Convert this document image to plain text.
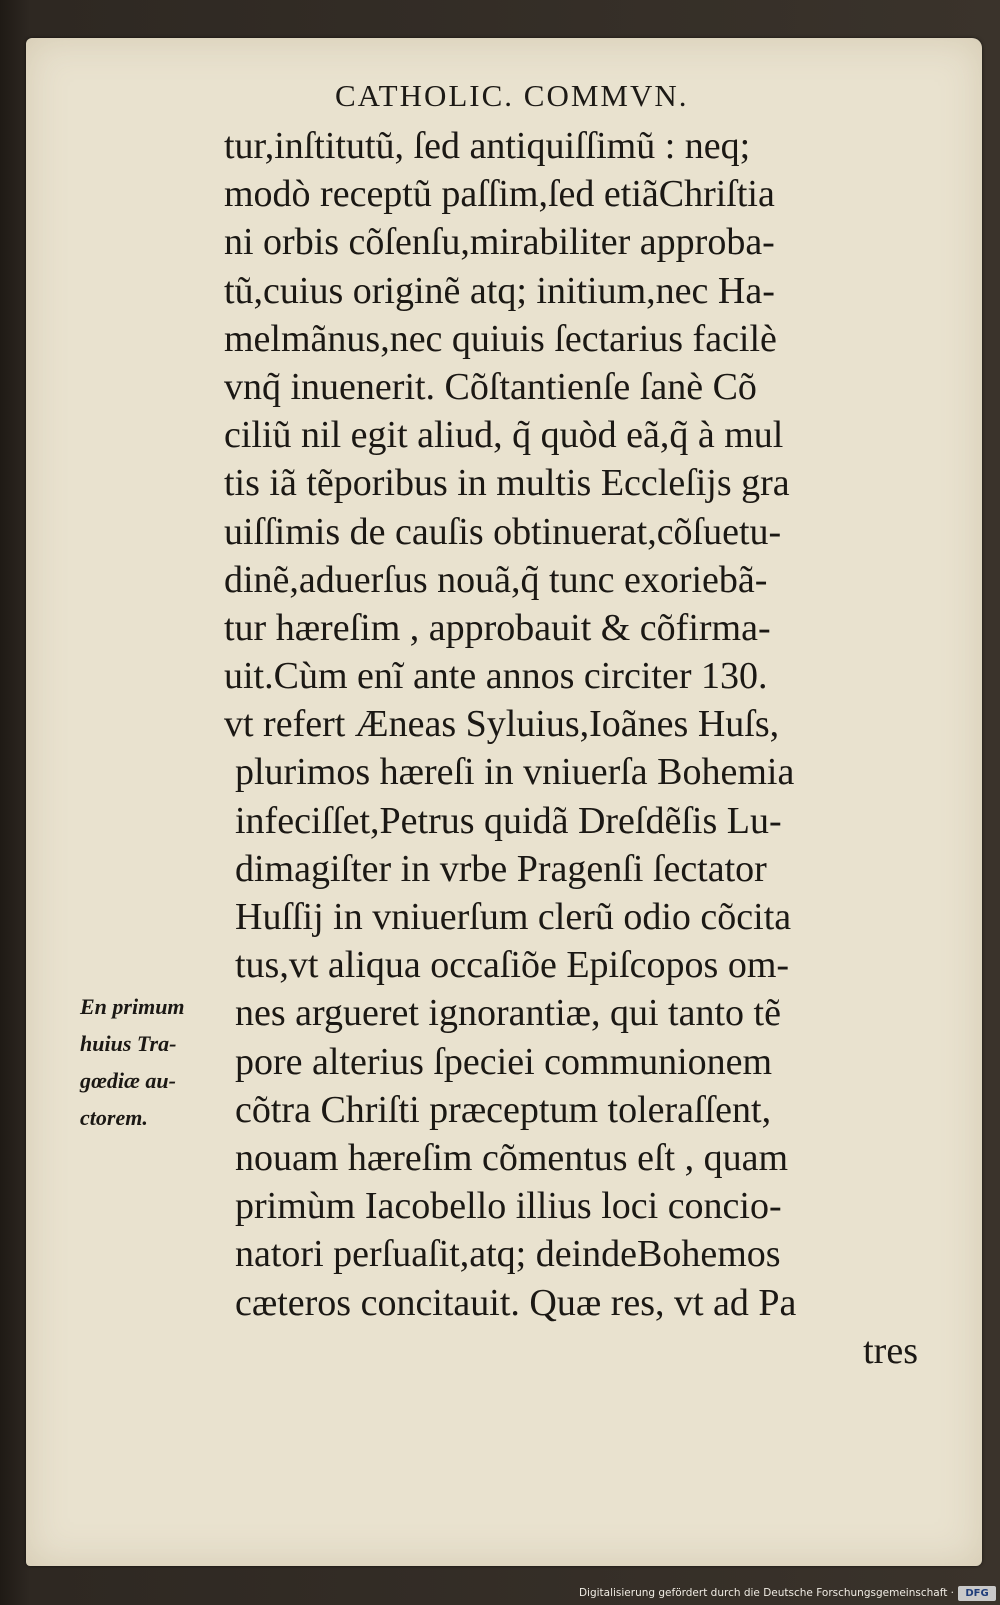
CATHOLIC. COMMVN.
tur,inſtitutũ, ſed antiquiſſimũ : neq;
modò receptũ paſſim,ſed etiãChriſtia
ni orbis cõſenſu,mirabiliter approba-
tũ,cuius originẽ atq; initium,nec Ha-
melmãnus,nec quiuis ſectarius facilè
vnq̃ inuenerit. Cõſtantienſe ſanè Cõ
ciliũ nil egit aliud, q̃ quòd eã,q̃ à mul
tis iã tẽporibus in multis Eccleſijs gra
uiſſimis de cauſis obtinuerat,cõſuetu-
dinẽ,aduerſus nouã,q̃ tunc exoriebã-
tur hæreſim , approbauit & cõfirma-
uit.Cùm enĩ ante annos circiter 130.
vt refert Æneas Syluius,Ioãnes Huſs,
plurimos hæreſi in vniuerſa Bohemia
infeciſſet,Petrus quidã Dreſdẽſis Lu-
dimagiſter in vrbe Pragenſi ſectator
Huſſij in vniuerſum clerũ odio cõcita
tus,vt aliqua occaſiõe Epiſcopos om-
nes argueret ignorantiæ, qui tanto tẽ
pore alterius ſpeciei communionem
cõtra Chriſti præceptum toleraſſent,
nouam hæreſim cõmentus eſt , quam
primùm Iacobello illius loci concio-
natori perſuaſit,atq; deindeBohemos
cæteros concitauit. Quæ res, vt ad Pa
tres
En primum
huius Tra-
gœdiæ au-
ctorem.
Digitalisierung gefördert durch die Deutsche Forschungsgemeinschaft ·	DFG
